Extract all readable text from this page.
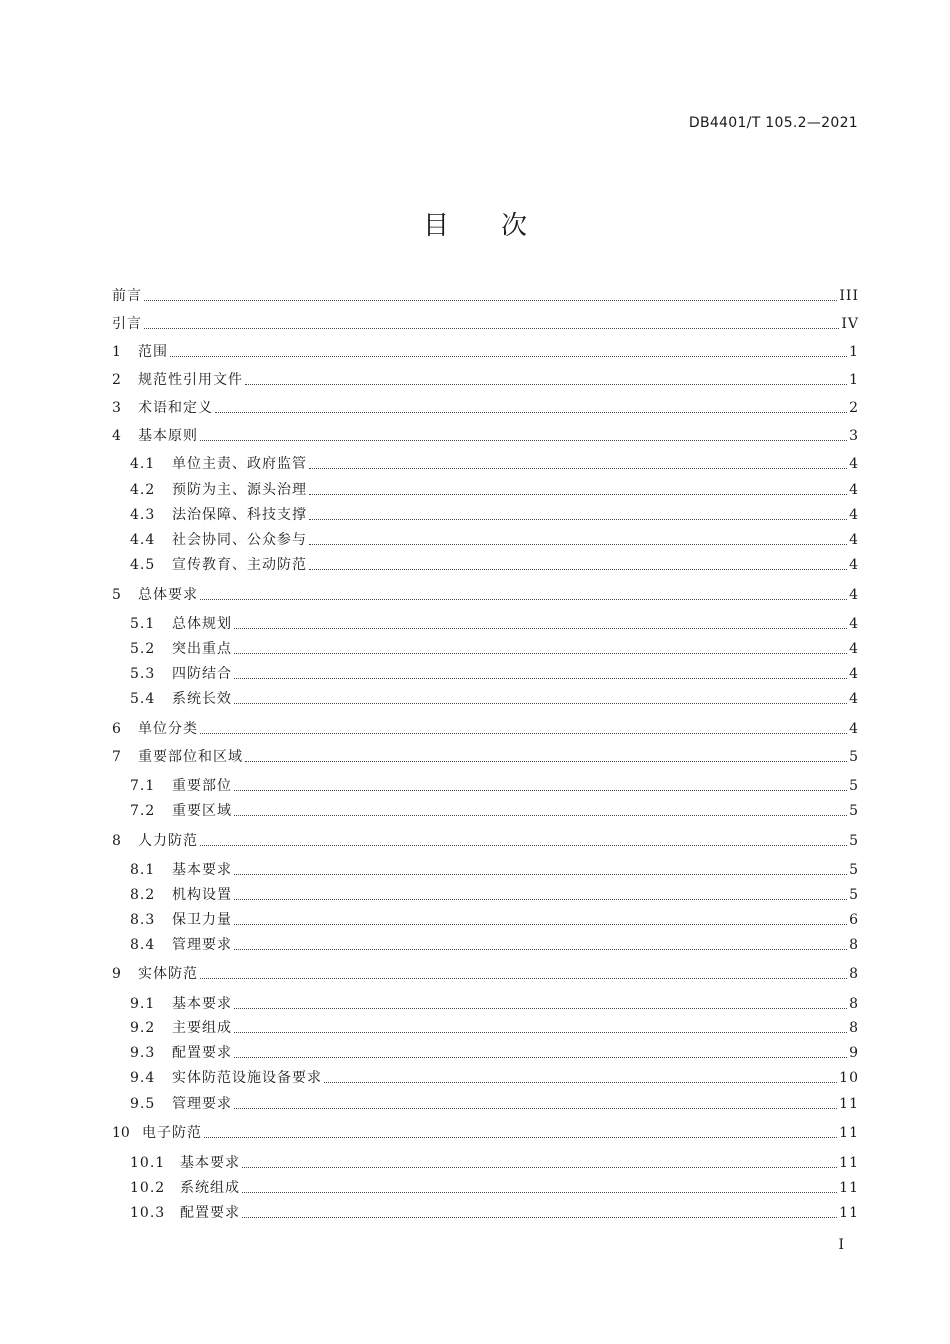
DB4401/T 105.2—2021
目　　次
前言	III
引言	IV
1	范围	1
2	规范性引用文件	1
3	术语和定义	2
4	基本原则	3
4.1	单位主责、政府监管	4
4.2	预防为主、源头治理	4
4.3	法治保障、科技支撑	4
4.4	社会协同、公众参与	4
4.5	宣传教育、主动防范	4
5	总体要求	4
5.1	总体规划	4
5.2	突出重点	4
5.3	四防结合	4
5.4	系统长效	4
6	单位分类	4
7	重要部位和区域	5
7.1	重要部位	5
7.2	重要区域	5
8	人力防范	5
8.1	基本要求	5
8.2	机构设置	5
8.3	保卫力量	6
8.4	管理要求	8
9	实体防范	8
9.1	基本要求	8
9.2	主要组成	8
9.3	配置要求	9
9.4	实体防范设施设备要求	10
9.5	管理要求	11
10 电子防范	11
10.1	基本要求	11
10.2	系统组成	11
10.3	配置要求	11
I
